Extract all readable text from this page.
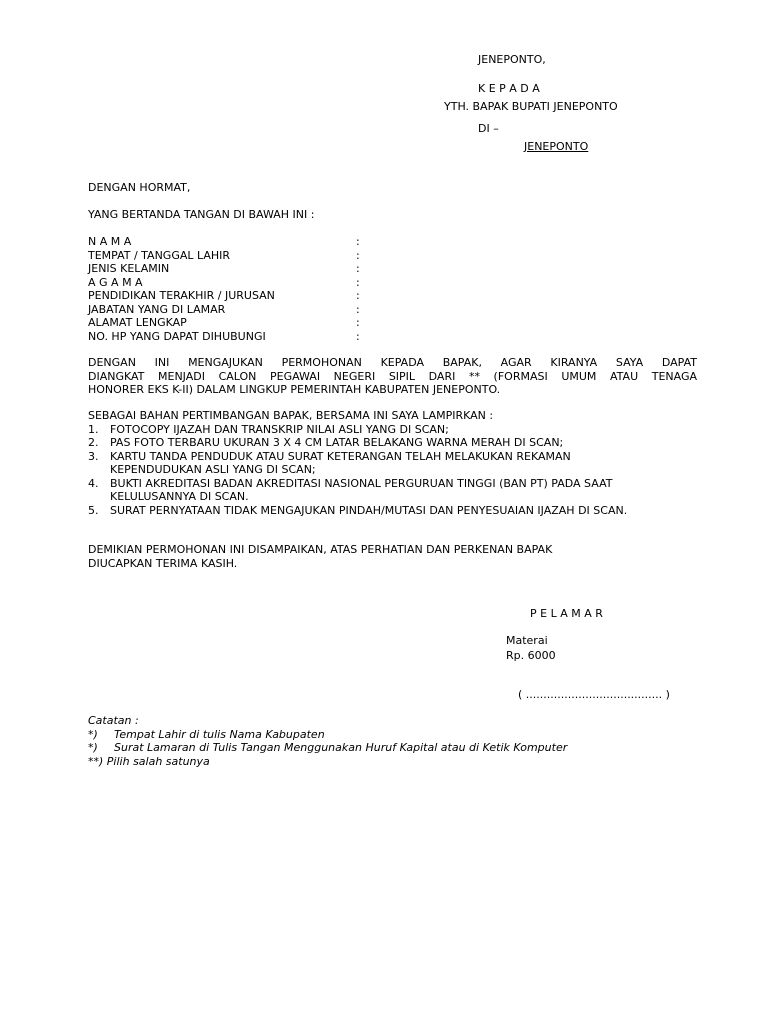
JENEPONTO,
K E P A D A
YTH. BAPAK BUPATI JENEPONTO
DI –
JENEPONTO
DENGAN HORMAT,
YANG BERTANDA TANGAN DI BAWAH INI :
N A M A	:
TEMPAT / TANGGAL LAHIR	:
JENIS KELAMIN	:
A G A M A	:
PENDIDIKAN TERAKHIR / JURUSAN	:
JABATAN YANG DI LAMAR	:
ALAMAT LENGKAP	:
NO. HP YANG DAPAT DIHUBUNGI	:
DENGAN INI MENGAJUKAN PERMOHONAN KEPADA BAPAK, AGAR KIRANYA SAYA DAPAT
DIANGKAT MENJADI CALON PEGAWAI NEGERI SIPIL DARI ** (FORMASI UMUM ATAU TENAGA
HONORER EKS K-II) DALAM LINGKUP PEMERINTAH KABUPATEN JENEPONTO.
SEBAGAI BAHAN PERTIMBANGAN BAPAK, BERSAMA INI SAYA LAMPIRKAN :
1. FOTOCOPY IJAZAH DAN TRANSKRIP NILAI ASLI YANG DI SCAN;
2. PAS FOTO TERBARU UKURAN 3 X 4 CM LATAR BELAKANG WARNA MERAH DI SCAN;
3. KARTU TANDA PENDUDUK ATAU SURAT KETERANGAN TELAH MELAKUKAN REKAMAN KEPENDUDUKAN ASLI YANG DI SCAN;
4. BUKTI AKREDITASI BADAN AKREDITASI NASIONAL PERGURUAN TINGGI (BAN PT) PADA SAAT KELULUSANNYA DI SCAN.
5. SURAT PERNYATAAN TIDAK MENGAJUKAN PINDAH/MUTASI DAN PENYESUAIAN IJAZAH DI SCAN.
DEMIKIAN PERMOHONAN INI DISAMPAIKAN, ATAS PERHATIAN DAN PERKENAN BAPAK
DIUCAPKAN TERIMA KASIH.
P E L A M A R
Materai
Rp. 6000
( ....................................... )
Catatan :
*) Tempat Lahir di tulis Nama Kabupaten
*) Surat Lamaran di Tulis Tangan Menggunakan Huruf Kapital atau di Ketik Komputer
**) Pilih salah satunya
